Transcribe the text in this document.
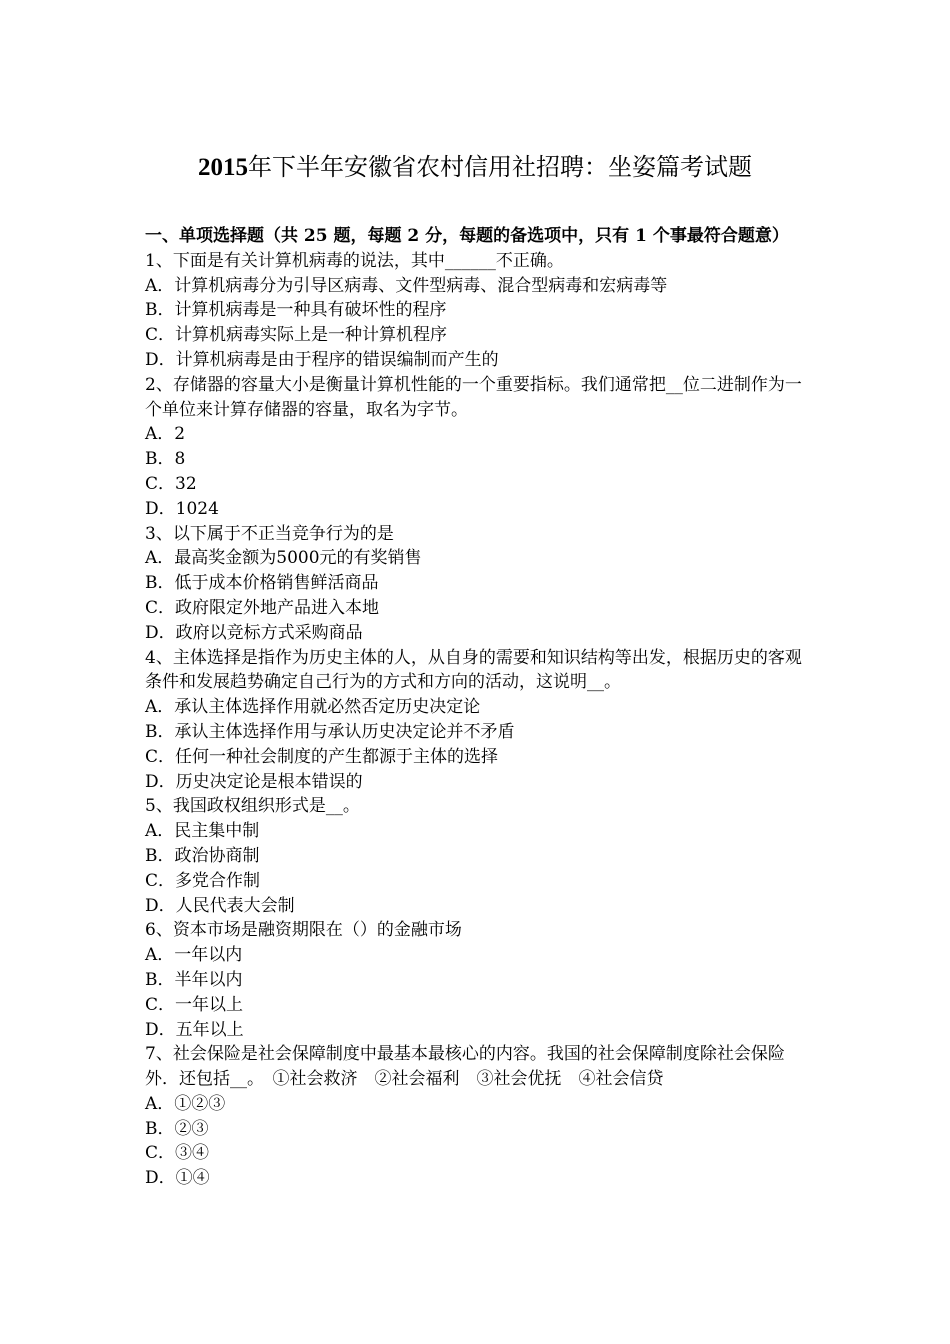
2015年下半年安徽省农村信用社招聘：坐姿篇考试题

一、单项选择题（共 25 题，每题 2 分，每题的备选项中，只有 1 个事最符合题意）

1、下面是有关计算机病毒的说法，其中______不正确。

A．计算机病毒分为引导区病毒、文件型病毒、混合型病毒和宏病毒等

B．计算机病毒是一种具有破坏性的程序

C．计算机病毒实际上是一种计算机程序

D．计算机病毒是由于程序的错误编制而产生的

2、存储器的容量大小是衡量计算机性能的一个重要指标。我们通常把__位二进制作为一个单位来计算存储器的容量，取名为字节。

A．2

B．8

C．32

D．1024

3、以下属于不正当竞争行为的是

A．最高奖金额为5000元的有奖销售

B．低于成本价格销售鲜活商品

C．政府限定外地产品进入本地

D．政府以竞标方式采购商品

4、主体选择是指作为历史主体的人，从自身的需要和知识结构等出发，根据历史的客观条件和发展趋势确定自己行为的方式和方向的活动，这说明__。

A．承认主体选择作用就必然否定历史决定论

B．承认主体选择作用与承认历史决定论并不矛盾

C．任何一种社会制度的产生都源于主体的选择

D．历史决定论是根本错误的

5、我国政权组织形式是__。

A．民主集中制

B．政治协商制

C．多党合作制

D．人民代表大会制

6、资本市场是融资期限在（）的金融市场

A．一年以内

B．半年以内

C．一年以上

D．五年以上

7、社会保险是社会保障制度中最基本最核心的内容。我国的社会保障制度除社会保险外．还包括__。　①社会救济　②社会福利　③社会优抚　④社会信贷

A．①②③

B．②③

C．③④

D．①④
